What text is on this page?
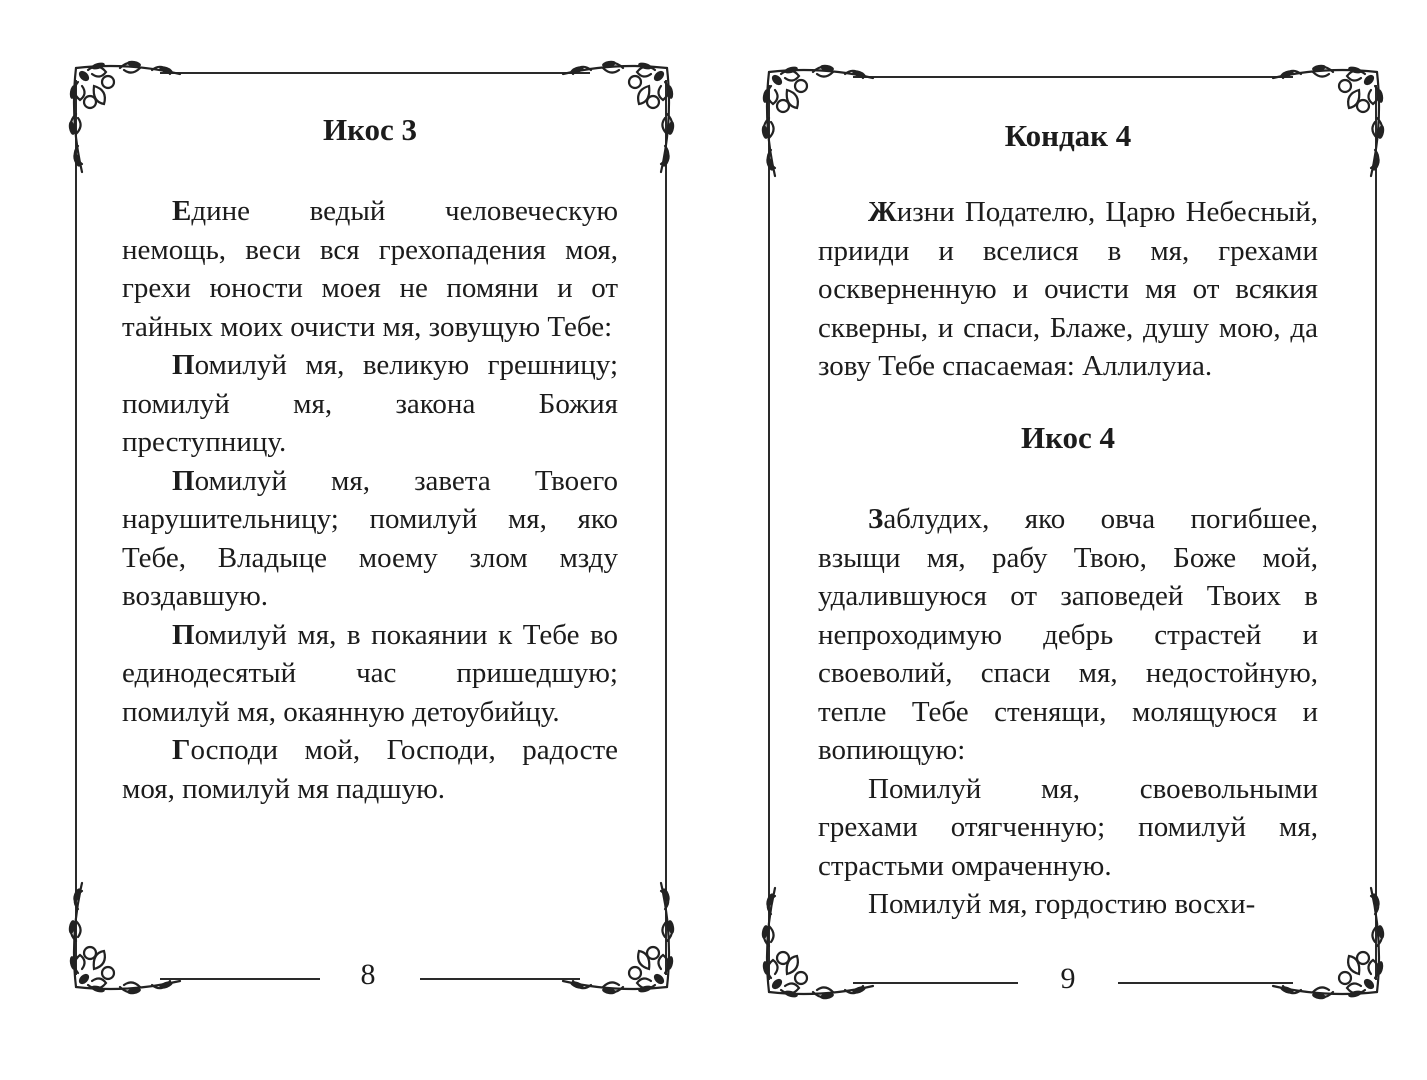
Икос 3

Едине ведый человеческую немощь, веси вся грехопадения моя, грехи юности моея не помяни и от тайных моих очисти мя, зовущую Тебе:

Помилуй мя, великую грешницу; помилуй мя, закона Божия преступницу.

Помилуй мя, завета Твоего нарушительницу; помилуй мя, яко Тебе, Владыце моему злом мзду воздавшую.

Помилуй мя, в покаянии к Тебе во единодесятый час пришедшую; помилуй мя, окаянную детоубийцу.

Господи мой, Господи, радосте моя, помилуй мя падшую.

8
Кондак 4

Жизни Подателю, Царю Небесный, прииди и вселися в мя, грехами оскверненную и очисти мя от всякия скверны, и спаси, Блаже, душу мою, да зову Тебе спасаемая: Аллилуиа.

Икос 4

Заблудих, яко овча погибшее, взыщи мя, рабу Твою, Боже мой, удалившуюся от заповедей Твоих в непроходимую дебрь страстей и своеволий, спаси мя, недостойную, тепле Тебе стенящи, молящуюся и вопиющую:

Помилуй мя, своевольными грехами отягченную; помилуй мя, страстьми омраченную.

Помилуй мя, гордостию восхи-

9
